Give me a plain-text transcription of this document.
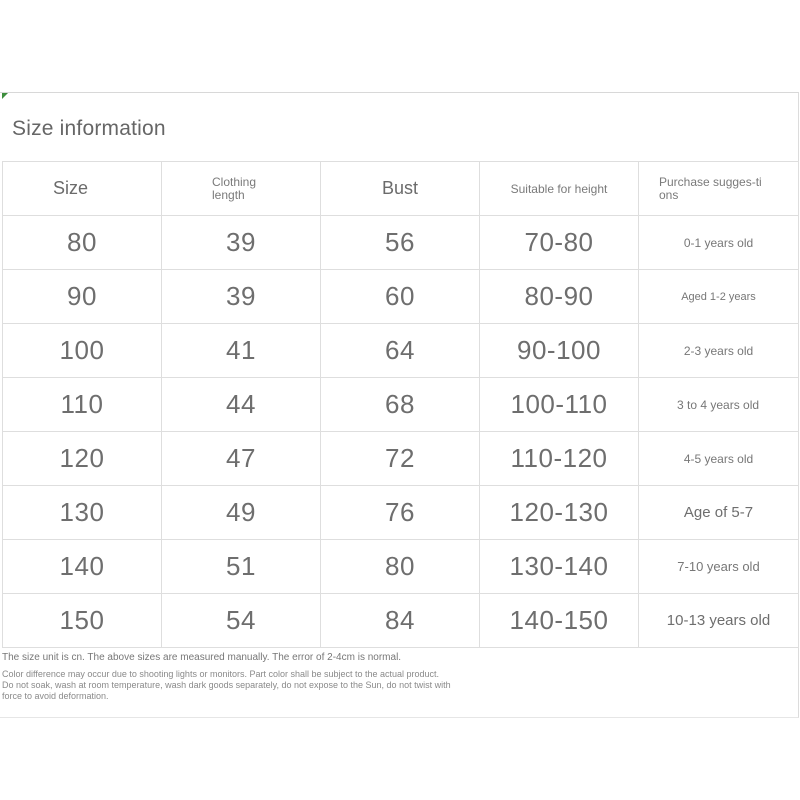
Size information
Size	Clothing length	Bust	Suitable for height	Purchase sugges-tions
80	39	56	70-80	0-1 years old
90	39	60	80-90	Aged 1-2 years
100	41	64	90-100	2-3 years old
110	44	68	100-110	3 to 4 years old
120	47	72	110-120	4-5 years old
130	49	76	120-130	Age of 5-7
140	51	80	130-140	7-10 years old
150	54	84	140-150	10-13 years old
The size unit is cn. The above sizes are measured manually. The error of 2-4cm is normal.
Color difference may occur due to shooting lights or monitors. Part color shall be subject to the actual product.
Do not soak, wash at room temperature, wash dark goods separately, do not expose to the Sun, do not twist with
force to avoid deformation.
